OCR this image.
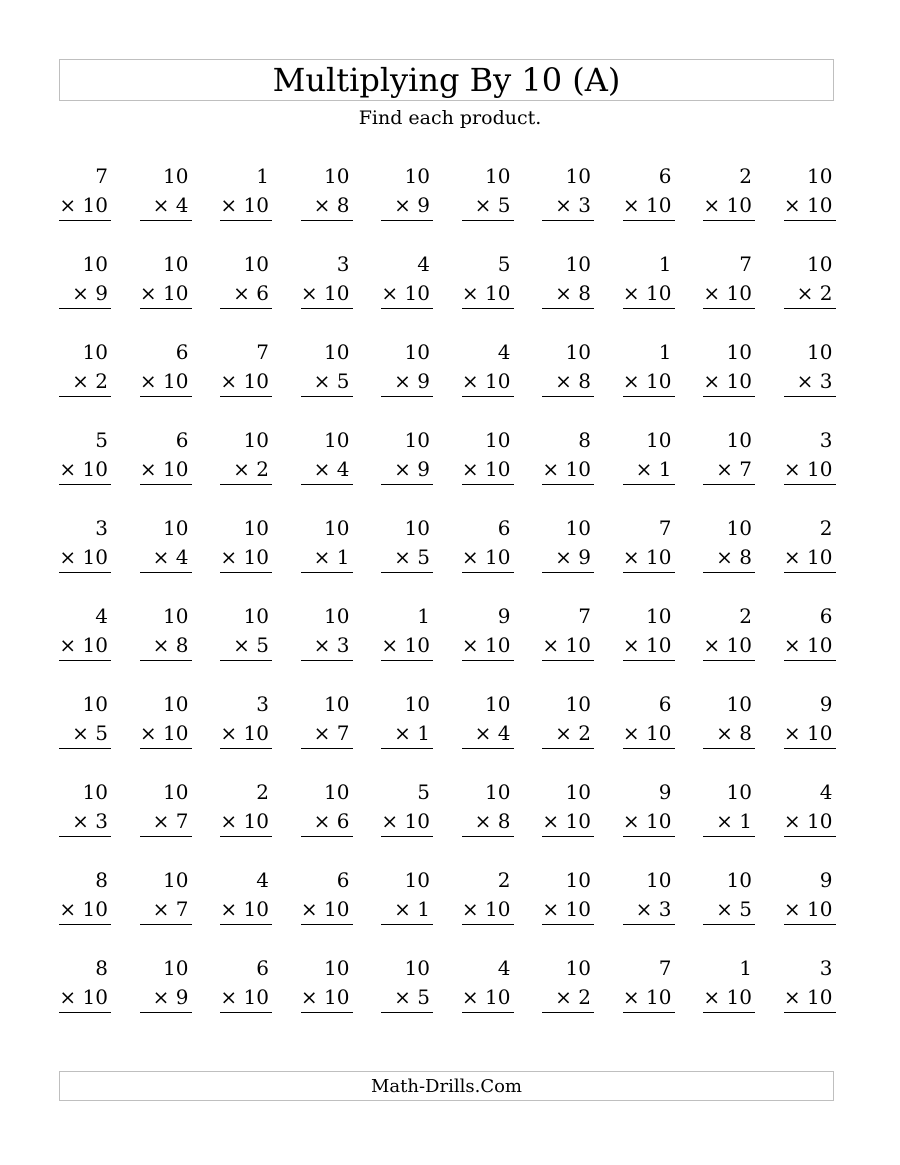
Multiplying By 10 (A)
Find each product.
7
× 10
10
× 4
1
× 10
10
× 8
10
× 9
10
× 5
10
× 3
6
× 10
2
× 10
10
× 10
10
× 9
10
× 10
10
× 6
3
× 10
4
× 10
5
× 10
10
× 8
1
× 10
7
× 10
10
× 2
10
× 2
6
× 10
7
× 10
10
× 5
10
× 9
4
× 10
10
× 8
1
× 10
10
× 10
10
× 3
5
× 10
6
× 10
10
× 2
10
× 4
10
× 9
10
× 10
8
× 10
10
× 1
10
× 7
3
× 10
3
× 10
10
× 4
10
× 10
10
× 1
10
× 5
6
× 10
10
× 9
7
× 10
10
× 8
2
× 10
4
× 10
10
× 8
10
× 5
10
× 3
1
× 10
9
× 10
7
× 10
10
× 10
2
× 10
6
× 10
10
× 5
10
× 10
3
× 10
10
× 7
10
× 1
10
× 4
10
× 2
6
× 10
10
× 8
9
× 10
10
× 3
10
× 7
2
× 10
10
× 6
5
× 10
10
× 8
10
× 10
9
× 10
10
× 1
4
× 10
8
× 10
10
× 7
4
× 10
6
× 10
10
× 1
2
× 10
10
× 10
10
× 3
10
× 5
9
× 10
8
× 10
10
× 9
6
× 10
10
× 10
10
× 5
4
× 10
10
× 2
7
× 10
1
× 10
3
× 10
Math-Drills.Com
